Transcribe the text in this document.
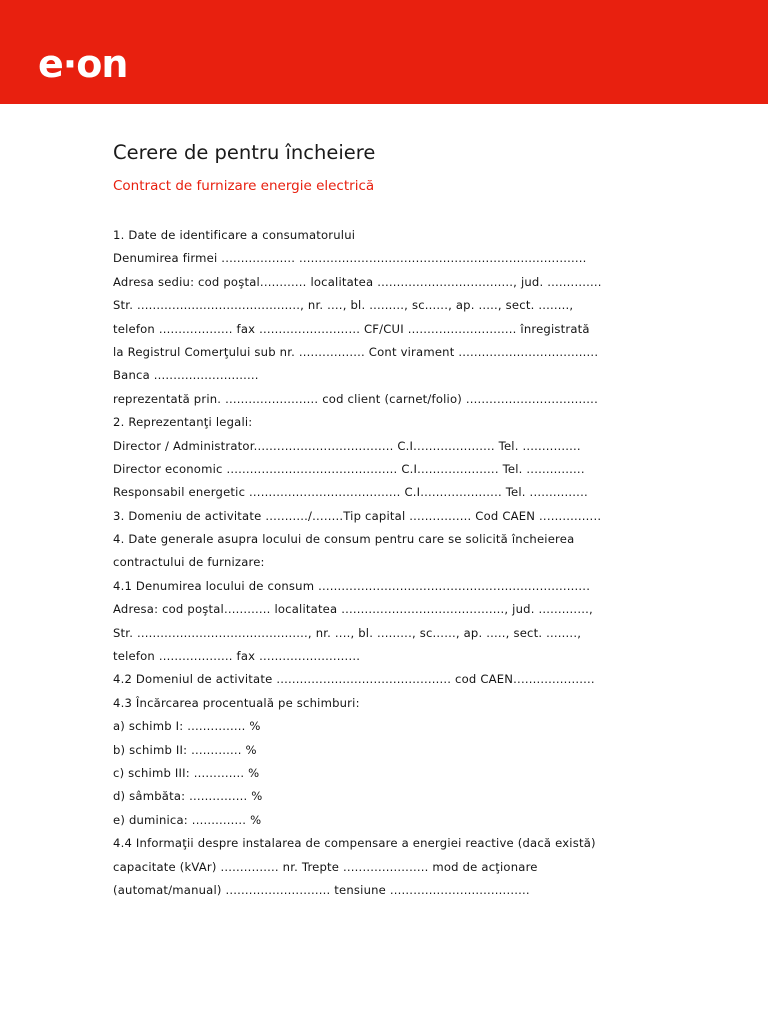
e·on
Cerere de pentru încheiere
Contract de furnizare energie electrică
1. Date de identificare a consumatorului
Denumirea firmei ................... ..........................................................................
Adresa sediu: cod poştal............ localitatea ..................................., jud. ..............
Str. .........................................., nr. ...., bl. ........., sc......, ap. ....., sect. ........,
telefon ................... fax .......................... CF/CUI ............................ înregistrată
la Registrul Comerţului sub nr. ................. Cont virament ....................................
Banca ...........................
reprezentată prin. ........................ cod client (carnet/folio) ..................................
2. Reprezentanţi legali:
Director / Administrator.................................... C.I..................... Tel. ...............
Director economic ............................................ C.I..................... Tel. ...............
Responsabil energetic ....................................... C.I..................... Tel. ...............
3. Domeniu de activitate .........../........Tip capital ................ Cod CAEN ................
4. Date generale asupra locului de consum pentru care se solicită încheierea
contractului de furnizare:
4.1 Denumirea locului de consum ......................................................................
Adresa: cod poştal............ localitatea .........................................., jud. .............,
Str. ............................................, nr. ...., bl. ........., sc......, ap. ....., sect. ........,
telefon ................... fax ..........................
4.2 Domeniul de activitate ............................................. cod CAEN.....................
4.3 Încărcarea procentuală pe schimburi:
a) schimb I: ............... %
b) schimb II: ............. %
c) schimb III: ............. %
d) sâmbăta: ............... %
e) duminica: .............. %
4.4 Informaţii despre instalarea de compensare a energiei reactive (dacă există)
capacitate (kVAr) ............... nr. Trepte ...................... mod de acţionare
(automat/manual) ........................... tensiune ....................................
